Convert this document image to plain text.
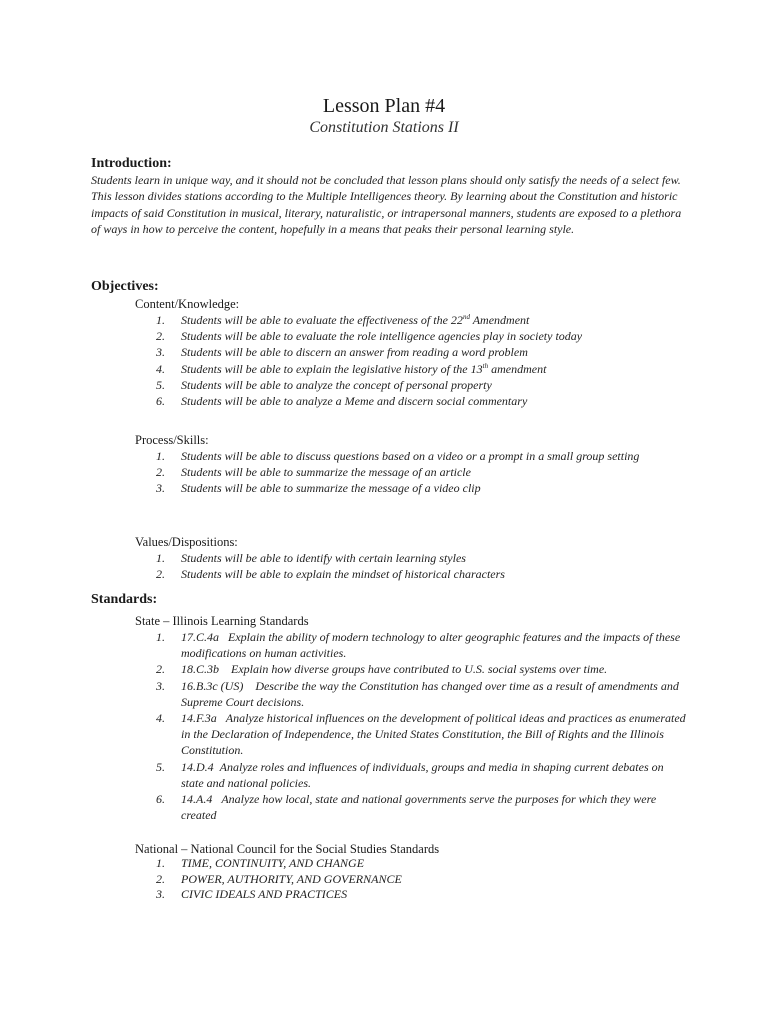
Lesson Plan #4
Constitution Stations II
Introduction:
Students learn in unique way, and it should not be concluded that lesson plans should only satisfy the needs of a select few. This lesson divides stations according to the Multiple Intelligences theory. By learning about the Constitution and historic impacts of said Constitution in musical, literary, naturalistic, or intrapersonal manners, students are exposed to a plethora of ways in how to perceive the content, hopefully in a means that peaks their personal learning style.
Objectives:
Content/Knowledge:
1. Students will be able to evaluate the effectiveness of the 22nd Amendment
2. Students will be able to evaluate the role intelligence agencies play in society today
3. Students will be able to discern an answer from reading a word problem
4. Students will be able to explain the legislative history of the 13th amendment
5. Students will be able to analyze the concept of personal property
6. Students will be able to analyze a Meme and discern social commentary
Process/Skills:
1. Students will be able to discuss questions based on a video or a prompt in a small group setting
2. Students will be able to summarize the message of an article
3. Students will be able to summarize the message of a video clip
Values/Dispositions:
1. Students will be able to identify with certain learning styles
2. Students will be able to explain the mindset of historical characters
Standards:
State – Illinois Learning Standards
1. 17.C.4a   Explain the ability of modern technology to alter geographic features and the impacts of these modifications on human activities.
2. 18.C.3b    Explain how diverse groups have contributed to U.S. social systems over time.
3. 16.B.3c (US)    Describe the way the Constitution has changed over time as a result of amendments and Supreme Court decisions.
4. 14.F.3a   Analyze historical influences on the development of political ideas and practices as enumerated in the Declaration of Independence, the United States Constitution, the Bill of Rights and the Illinois Constitution.
5. 14.D.4  Analyze roles and influences of individuals, groups and media in shaping current debates on state and national policies.
6. 14.A.4   Analyze how local, state and national governments serve the purposes for which they were created
National – National Council for the Social Studies Standards
1. TIME, CONTINUITY, AND CHANGE
2. POWER, AUTHORITY, AND GOVERNANCE
3. CIVIC IDEALS AND PRACTICES
